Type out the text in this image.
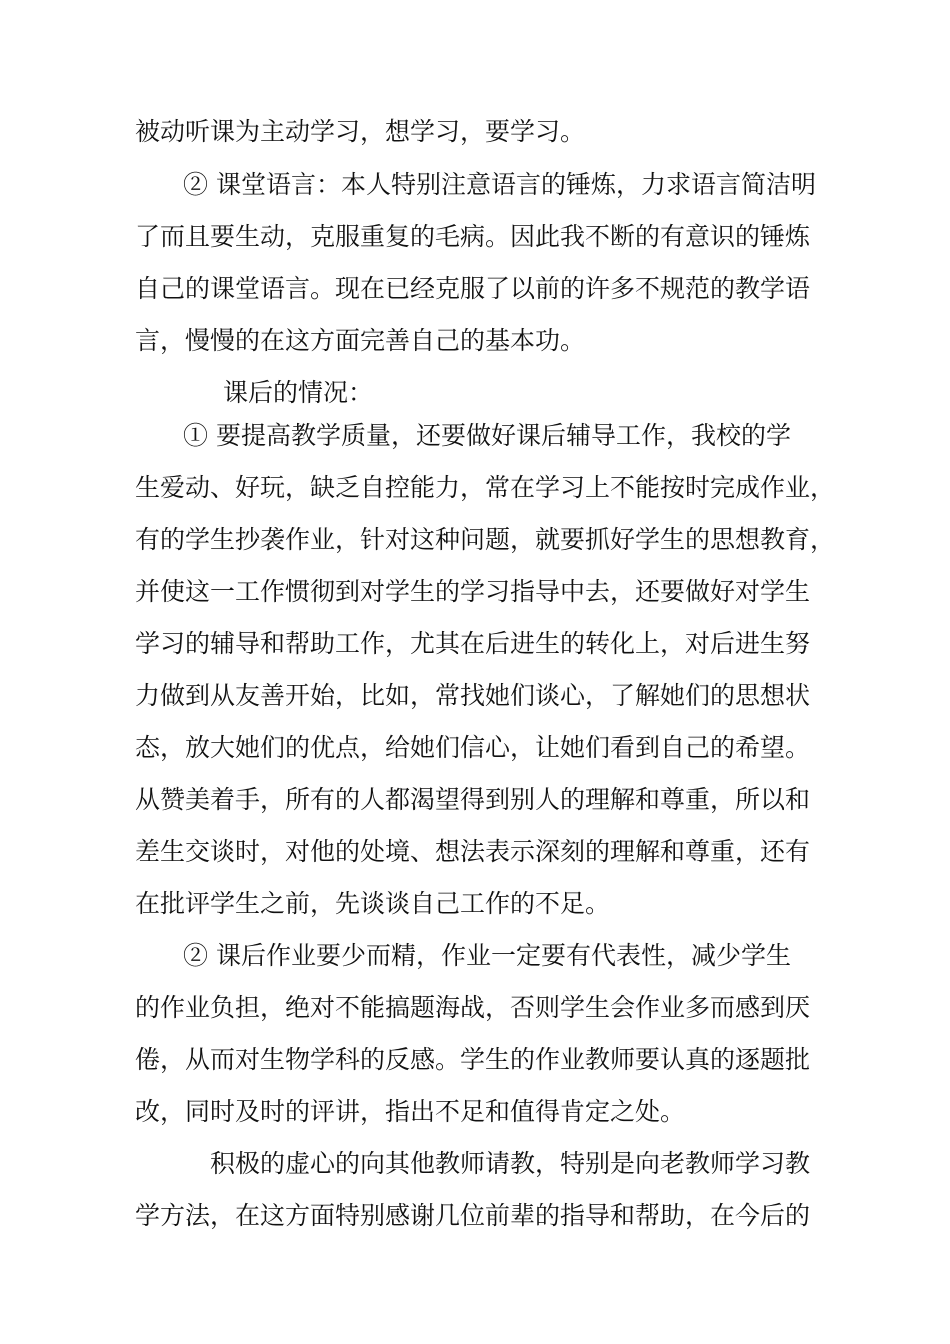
被动听课为主动学习，想学习，要学习。

② 课堂语言：本人特别注意语言的锤炼，力求语言简洁明

了而且要生动，克服重复的毛病。因此我不断的有意识的锤炼

自己的课堂语言。现在已经克服了以前的许多不规范的教学语

言，慢慢的在这方面完善自己的基本功。

课后的情况：

① 要提高教学质量，还要做好课后辅导工作，我校的学

生爱动、好玩，缺乏自控能力，常在学习上不能按时完成作业，

有的学生抄袭作业，针对这种问题，就要抓好学生的思想教育，

并使这一工作惯彻到对学生的学习指导中去，还要做好对学生

学习的辅导和帮助工作，尤其在后进生的转化上，对后进生努

力做到从友善开始，比如，常找她们谈心，了解她们的思想状

态，放大她们的优点，给她们信心，让她们看到自己的希望。

从赞美着手，所有的人都渴望得到别人的理解和尊重，所以和

差生交谈时，对他的处境、想法表示深刻的理解和尊重，还有

在批评学生之前，先谈谈自己工作的不足。

② 课后作业要少而精，作业一定要有代表性，减少学生

的作业负担，绝对不能搞题海战，否则学生会作业多而感到厌

倦，从而对生物学科的反感。学生的作业教师要认真的逐题批

改，同时及时的评讲，指出不足和值得肯定之处。

积极的虚心的向其他教师请教，特别是向老教师学习教

学方法，在这方面特别感谢几位前辈的指导和帮助，在今后的
